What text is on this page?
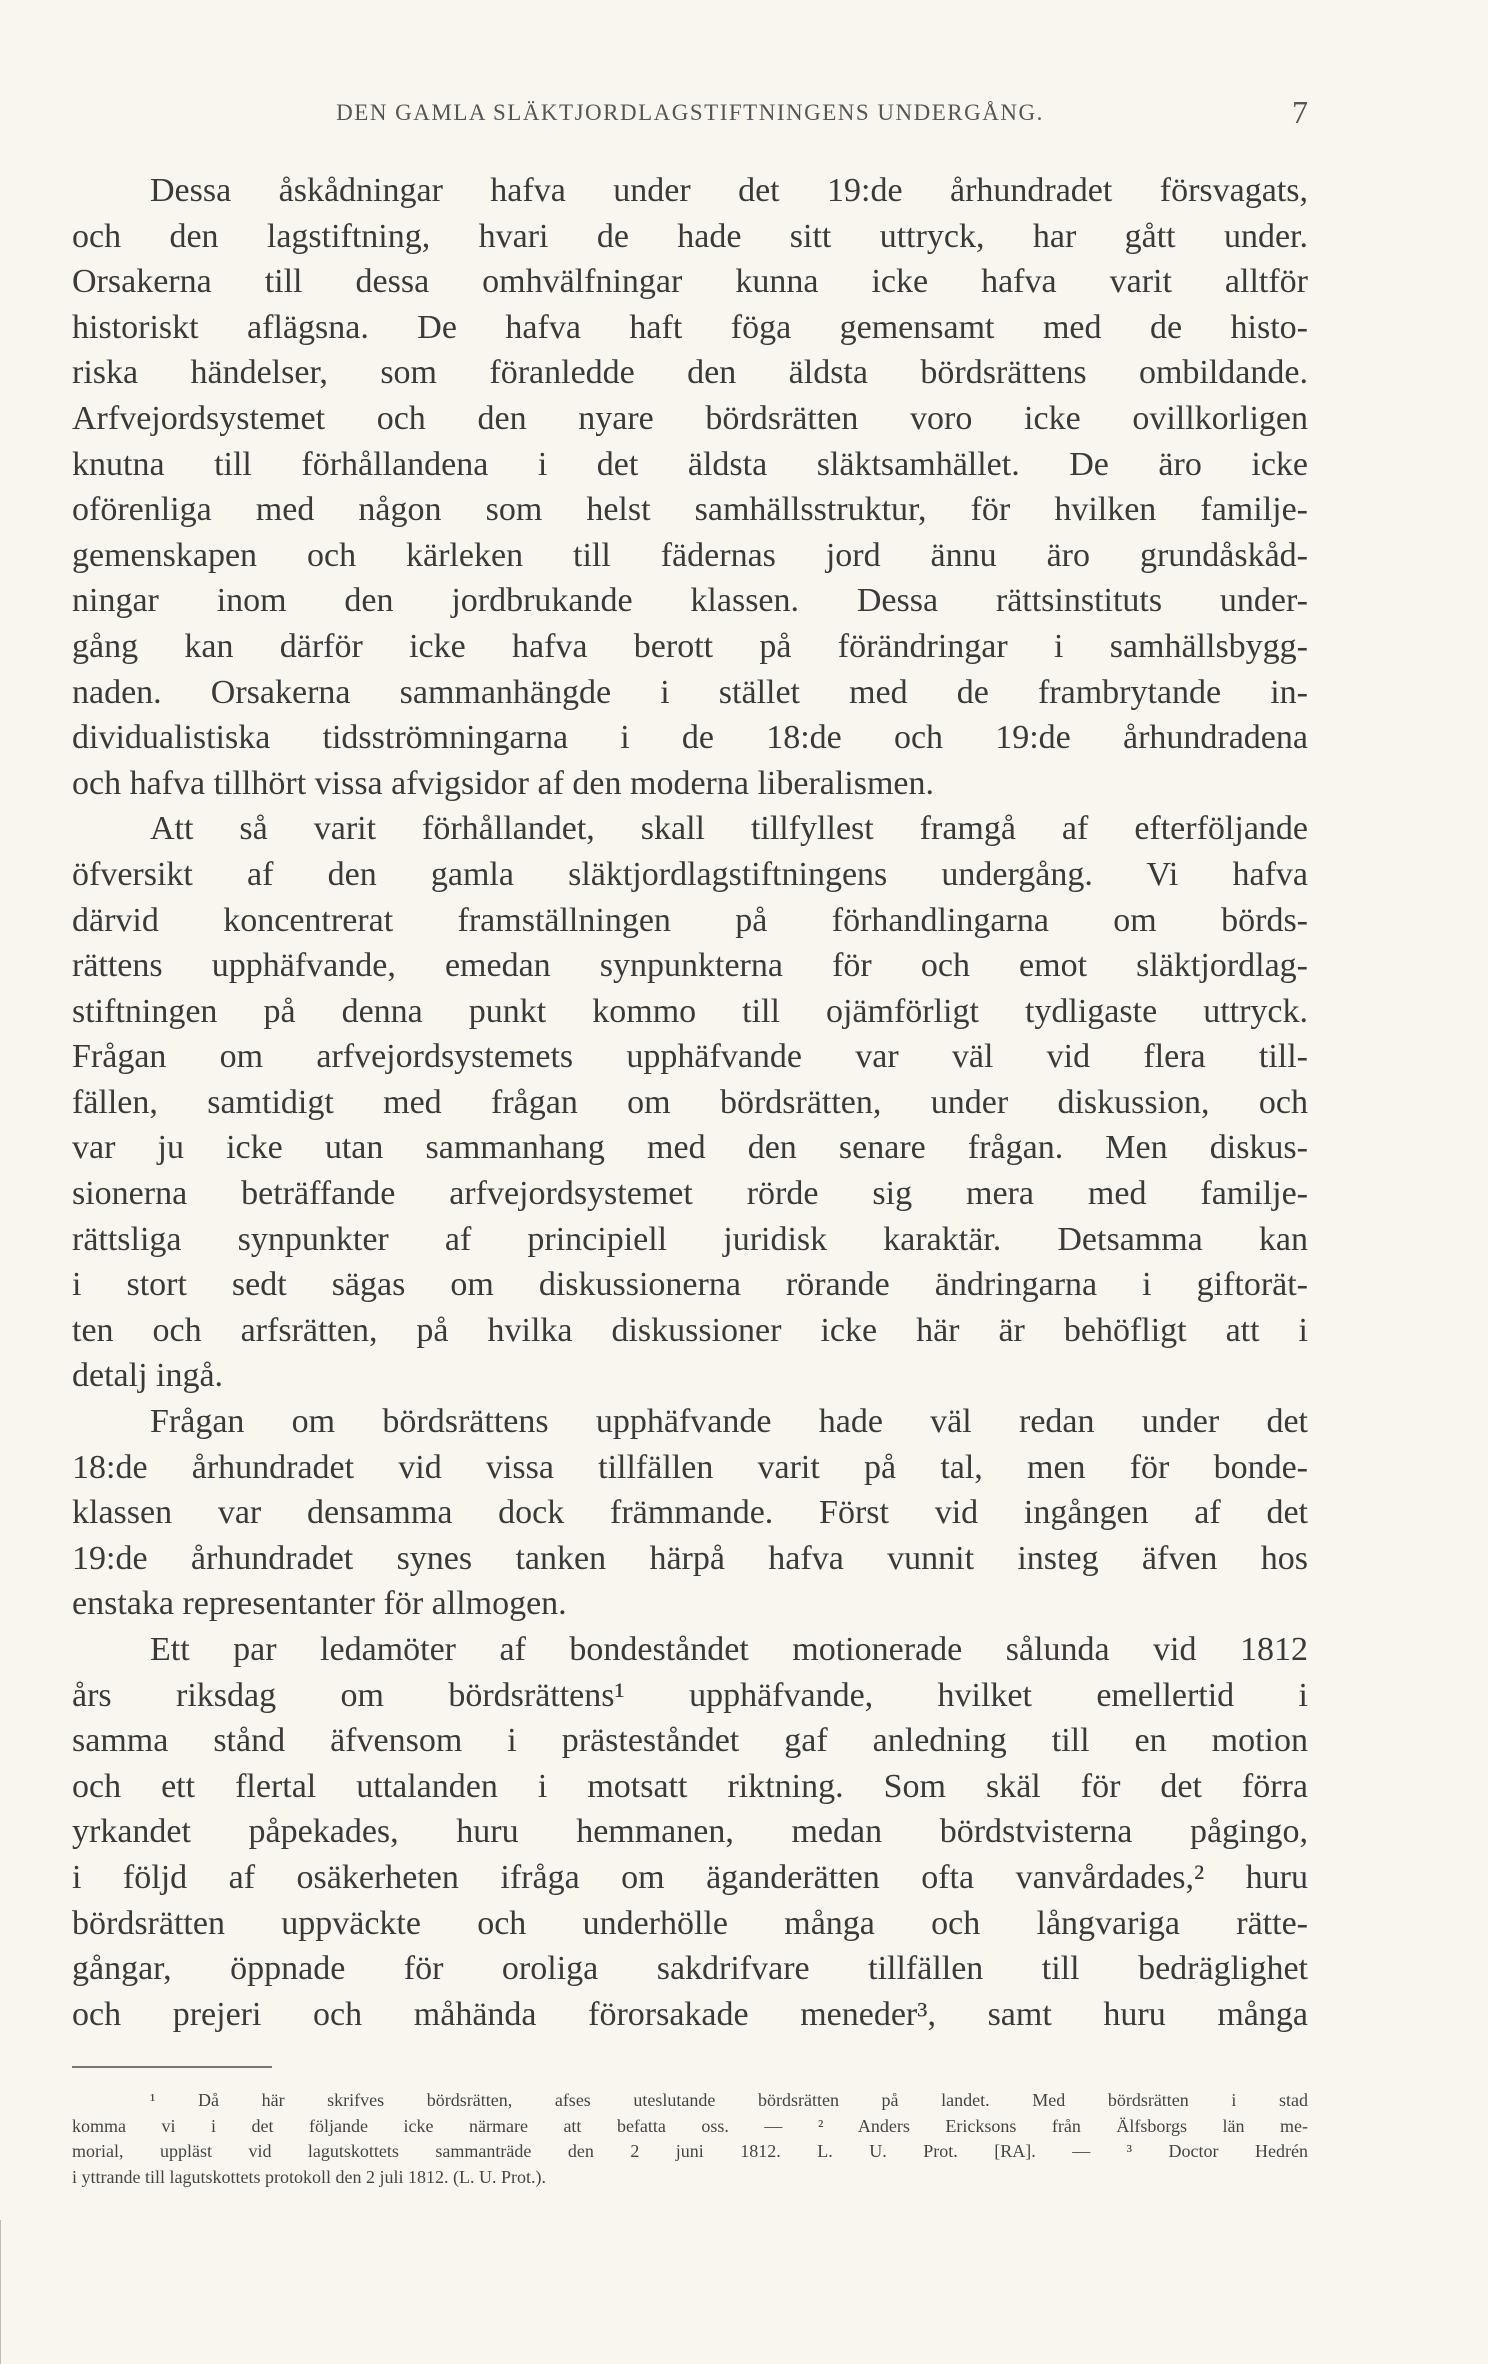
DEN GAMLA SLÄKTJORDLAGSTIFTNINGENS UNDERGÅNG.	7
Dessa åskådningar hafva under det 19:de århundradet försvagats,
och den lagstiftning, hvari de hade sitt uttryck, har gått under.
Orsakerna till dessa omhvälfningar kunna icke hafva varit alltför
historiskt aflägsna. De hafva haft föga gemensamt med de histo-
riska händelser, som föranledde den äldsta bördsrättens ombildande.
Arfvejordsystemet och den nyare bördsrätten voro icke ovillkorligen
knutna till förhållandena i det äldsta släktsamhället. De äro icke
oförenliga med någon som helst samhällsstruktur, för hvilken familje-
gemenskapen och kärleken till fädernas jord ännu äro grundåskåd-
ningar inom den jordbrukande klassen. Dessa rättsinstituts under-
gång kan därför icke hafva berott på förändringar i samhällsbygg-
naden. Orsakerna sammanhängde i stället med de frambrytande in-
dividualistiska tidsströmningarna i de 18:de och 19:de århundradena
och hafva tillhört vissa afvigsidor af den moderna liberalismen.
Att så varit förhållandet, skall tillfyllest framgå af efterföljande
öfversikt af den gamla släktjordlagstiftningens undergång. Vi hafva
därvid koncentrerat framställningen på förhandlingarna om börds-
rättens upphäfvande, emedan synpunkterna för och emot släktjordlag-
stiftningen på denna punkt kommo till ojämförligt tydligaste uttryck.
Frågan om arfvejordsystemets upphäfvande var väl vid flera till-
fällen, samtidigt med frågan om bördsrätten, under diskussion, och
var ju icke utan sammanhang med den senare frågan. Men diskus-
sionerna beträffande arfvejordsystemet rörde sig mera med familje-
rättsliga synpunkter af principiell juridisk karaktär. Detsamma kan
i stort sedt sägas om diskussionerna rörande ändringarna i giftorät-
ten och arfsrätten, på hvilka diskussioner icke här är behöfligt att i
detalj ingå.
Frågan om bördsrättens upphäfvande hade väl redan under det
18:de århundradet vid vissa tillfällen varit på tal, men för bonde-
klassen var densamma dock främmande. Först vid ingången af det
19:de århundradet synes tanken härpå hafva vunnit insteg äfven hos
enstaka representanter för allmogen.
Ett par ledamöter af bondeståndet motionerade sålunda vid 1812
års riksdag om bördsrättens¹ upphäfvande, hvilket emellertid i
samma stånd äfvensom i prästeståndet gaf anledning till en motion
och ett flertal uttalanden i motsatt riktning. Som skäl för det förra
yrkandet påpekades, huru hemmanen, medan bördstvisterna pågingo,
i följd af osäkerheten ifråga om äganderätten ofta vanvårdades,² huru
bördsrätten uppväckte och underhölle många och långvariga rätte-
gångar, öppnade för oroliga sakdrifvare tillfällen till bedräglighet
och prejeri och måhända förorsakade meneder³, samt huru många
¹ Då här skrifves bördsrätten, afses uteslutande bördsrätten på landet. Med bördsrätten i stad
komma vi i det följande icke närmare att befatta oss. — ² Anders Ericksons från Älfsborgs län me-
morial, uppläst vid lagutskottets sammanträde den 2 juni 1812. L. U. Prot. [RA]. — ³ Doctor Hedrén
i yttrande till lagutskottets protokoll den 2 juli 1812. (L. U. Prot.).
